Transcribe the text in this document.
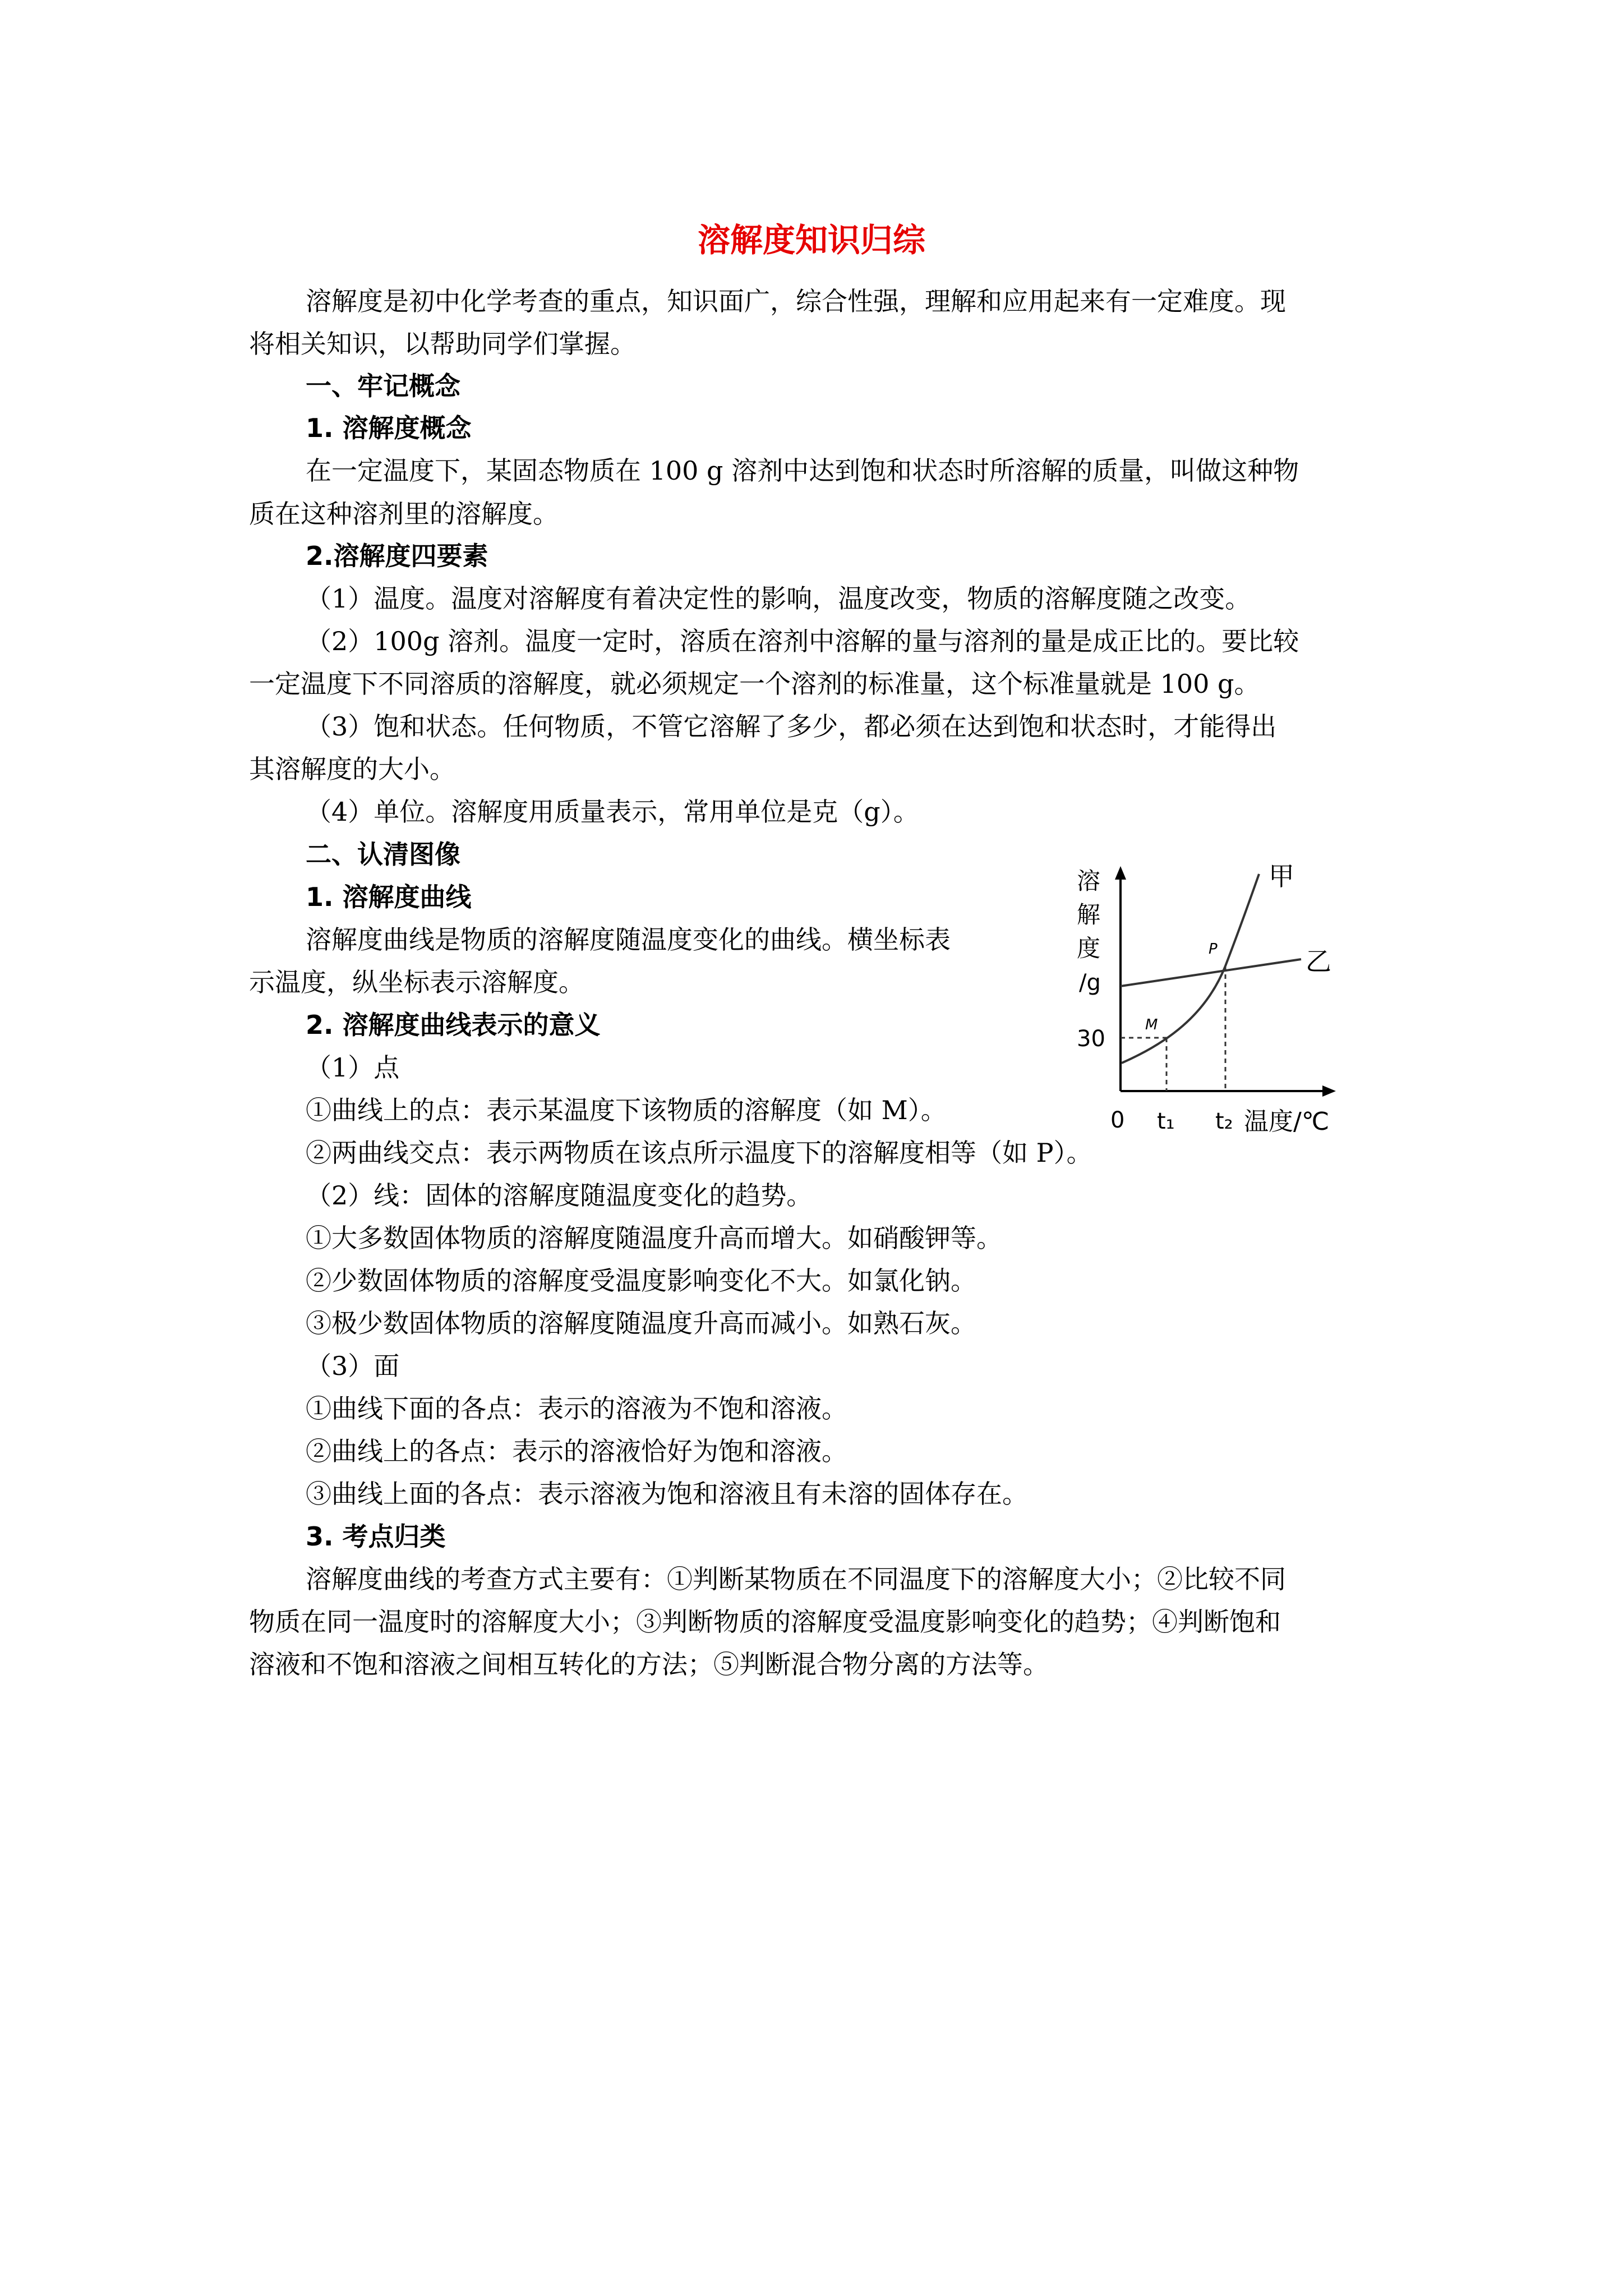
溶解度知识归综
溶解度是初中化学考查的重点，知识面广，综合性强，理解和应用起来有一定难度。现
将相关知识，以帮助同学们掌握。
一、牢记概念
1. 溶解度概念
在一定温度下，某固态物质在 100 g 溶剂中达到饱和状态时所溶解的质量，叫做这种物
质在这种溶剂里的溶解度。
2.溶解度四要素
（1）温度。温度对溶解度有着决定性的影响，温度改变，物质的溶解度随之改变。
（2）100g 溶剂。温度一定时，溶质在溶剂中溶解的量与溶剂的量是成正比的。要比较
一定温度下不同溶质的溶解度，就必须规定一个溶剂的标准量，这个标准量就是 100 g。
（3）饱和状态。任何物质，不管它溶解了多少，都必须在达到饱和状态时，才能得出
其溶解度的大小。
（4）单位。溶解度用质量表示，常用单位是克（g）。
二、认清图像
1. 溶解度曲线
溶解度曲线是物质的溶解度随温度变化的曲线。横坐标表
示温度，纵坐标表示溶解度。
2. 溶解度曲线表示的意义
（1）点
①曲线上的点：表示某温度下该物质的溶解度（如 M）。
②两曲线交点：表示两物质在该点所示温度下的溶解度相等（如 P）。
（2）线：固体的溶解度随温度变化的趋势。
①大多数固体物质的溶解度随温度升高而增大。如硝酸钾等。
②少数固体物质的溶解度受温度影响变化不大。如氯化钠。
③极少数固体物质的溶解度随温度升高而减小。如熟石灰。
（3）面
①曲线下面的各点：表示的溶液为不饱和溶液。
②曲线上的各点：表示的溶液恰好为饱和溶液。
③曲线上面的各点：表示溶液为饱和溶液且有未溶的固体存在。
3. 考点归类
溶解度曲线的考查方式主要有：①判断某物质在不同温度下的溶解度大小；②比较不同
物质在同一温度时的溶解度大小；③判断物质的溶解度受温度影响变化的趋势；④判断饱和
溶液和不饱和溶液之间相互转化的方法；⑤判断混合物分离的方法等。
溶
解
度
/g
M
P
甲
乙
30
0 t₁ t₂ 温度/℃
